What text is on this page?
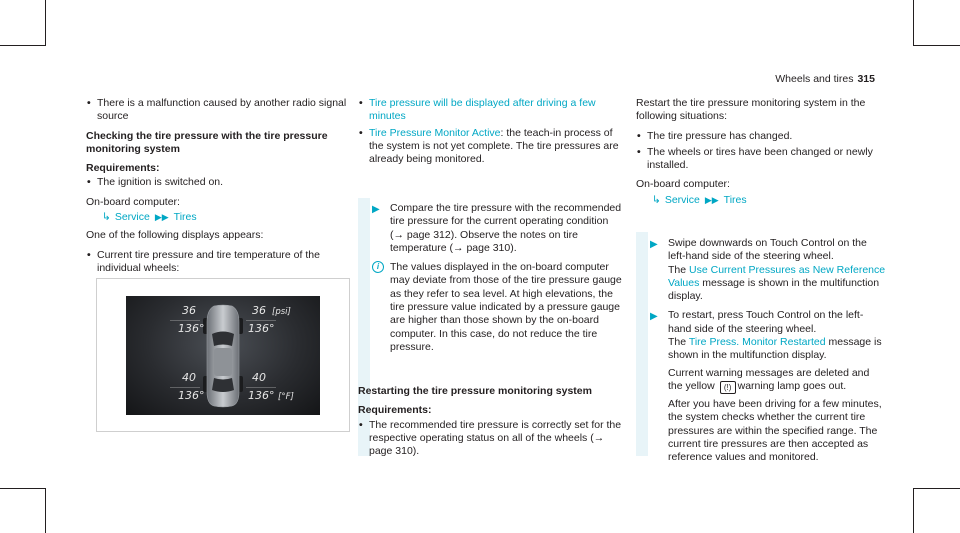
Wheels and tires 315
• There is a malfunction caused by another radio signal source

Checking the tire pressure with the tire pressure monitoring system

Requirements:

• The ignition is switched on.

On-board computer:

↳ Service ▶▶ Tires

One of the following displays appears:

• Current tire pressure and tire temperature of the individual wheels:
36
136°
36 [psi]
136°
40
136°
40
136° [°F]
• Tire pressure will be displayed after driving a few minutes
• Tire Pressure Monitor Active: the teach-in process of the system is not yet complete. The tire pressures are already being monitored.
▶ Compare the tire pressure with the recommended tire pressure for the current operating condition (→ page 312). Observe the notes on tire temperature (→ page 310).
i	The values displayed in the on-board computer may deviate from those of the tire pressure gauge as they refer to sea level. At high elevations, the tire pressure value indicated by a pressure gauge are higher than those shown by the on-board computer. In this case, do not reduce the tire pressure.

Restarting the tire pressure monitoring system

Requirements:

• The recommended tire pressure is correctly set for the respective operating status on all of the wheels (→ page 310).

Restart the tire pressure monitoring system in the following situations:

• The tire pressure has changed.
• The wheels or tires have been changed or newly installed.

On-board computer:

↳ Service ▶▶ Tires
▶ Swipe downwards on Touch Control on the left-hand side of the steering wheel.
The Use Current Pressures as New Reference Values message is shown in the multifunction display.
▶ To restart, press Touch Control on the left-hand side of the steering wheel.
The Tire Press. Monitor Restarted message is shown in the multifunction display.

Current warning messages are deleted and the yellow (!) warning lamp goes out.

After you have been driving for a few minutes, the system checks whether the current tire pressures are within the specified range. The current tire pressures are then accepted as reference values and monitored.
